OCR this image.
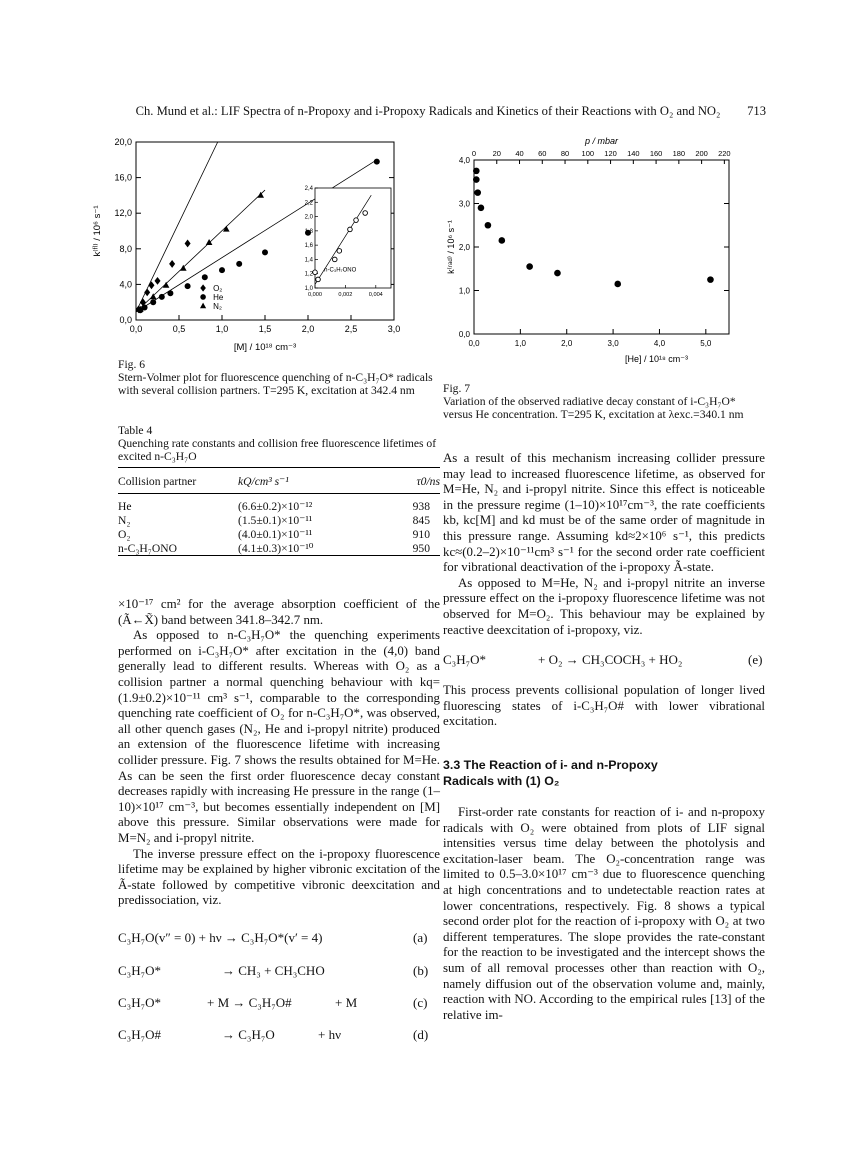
Ch. Mund et al.: LIF Spectra of n-Propoxy and i-Propoxy Radicals and Kinetics of their Reactions with O₂ and NO₂	713
0,0
4,0
8,0
12,0
16,0
20,0
0,0	0,5	1,0	1,5	2,0	2,5	3,0
[M] / 10¹⁸ cm⁻³
k⁽ᶠˡ⁾ / 10⁶ s⁻¹
O₂
He
N₂
1,0
1,2
1,4
1,6
1,8
2,0
2,2
2,4
0,000	0,002	0,004
n-C₃H₇ONO
Fig. 6
Stern-Volmer plot for fluorescence quenching of n-C₃H₇O* radicals with several collision partners. T=295 K, excitation at 342.4 nm
p / mbar
0 20 40 60 80 100 120 140 160 180 200 220
0,0
1,0
2,0
3,0
4,0
0,0	1,0	2,0	3,0	4,0	5,0
[He] / 10¹⁸ cm⁻³
k⁽ʳᵃᵈ⁾ / 10⁶ s⁻¹
Fig. 7
Variation of the observed radiative decay constant of i-C₃H₇O* versus He concentration. T=295 K, excitation at λexc.=340.1 nm
Table 4
Quenching rate constants and collision free fluorescence lifetimes of excited n-C₃H₇O
Collision partner	kQ/cm³ s⁻¹	τ0/ns
He	(6.6±0.2)×10⁻¹²	938
N₂	(1.5±0.1)×10⁻¹¹	845
O₂	(4.0±0.1)×10⁻¹¹	910
n-C₃H₇ONO	(4.1±0.3)×10⁻¹⁰	950

×10⁻¹⁷ cm² for the average absorption coefficient of the (Ã←X̃) band between 341.8–342.7 nm.

As opposed to n-C₃H₇O* the quenching experiments performed on i-C₃H₇O* after excitation in the (4,0) band generally lead to different results. Whereas with O₂ as a collision partner a normal quenching behaviour with kq=(1.9±0.2)×10⁻¹¹ cm³ s⁻¹, comparable to the corresponding quenching rate coefficient of O₂ for n-C₃H₇O*, was observed, all other quench gases (N₂, He and i-propyl nitrite) produced an extension of the fluorescence lifetime with increasing collider pressure. Fig. 7 shows the results obtained for M=He. As can be seen the first order fluorescence decay constant decreases rapidly with increasing He pressure in the range (1–10)×10¹⁷ cm⁻³, but becomes essentially independent on [M] above this pressure. Similar observations were made for M=N₂ and i-propyl nitrite.

The inverse pressure effect on the i-propoxy fluorescence lifetime may be explained by higher vibronic excitation of the Ã-state followed by competitive vibronic deexcitation and predissociation, viz.

C₃H₇O(v″ = 0) + hν → C₃H₇O*(v′ = 4)	(a)
C₃H₇O*	→ CH₃ + CH₃CHO	(b)
C₃H₇O*	+ M → C₃H₇O#	+ M	(c)
C₃H₇O#	→ C₃H₇O	+ hν	(d)

As a result of this mechanism increasing collider pressure may lead to increased fluorescence lifetime, as observed for M=He, N₂ and i-propyl nitrite. Since this effect is noticeable in the pressure regime (1–10)×10¹⁷cm⁻³, the rate coefficients kb, kc[M] and kd must be of the same order of magnitude in this pressure range. Assuming kd≈2×10⁶ s⁻¹, this predicts kc≈(0.2–2)×10⁻¹¹cm³ s⁻¹ for the second order rate coefficient for vibrational deactivation of the i-propoxy Ã-state.

As opposed to M=He, N₂ and i-propyl nitrite an inverse pressure effect on the i-propoxy fluorescence lifetime was not observed for M=O₂. This behaviour may be explained by reactive deexcitation of i-propoxy, viz.

C₃H₇O*	+ O₂ → CH₃COCH₃ + HO₂	(e)
This process prevents collisional population of longer lived fluorescing states of i-C₃H₇O# with lower vibrational excitation.
3.3 The Reaction of i- and n-Propoxy Radicals with (1) O₂
First-order rate constants for reaction of i- and n-propoxy radicals with O₂ were obtained from plots of LIF signal intensities versus time delay between the photolysis and excitation-laser beam. The O₂-concentration range was limited to 0.5–3.0×10¹⁷ cm⁻³ due to fluorescence quenching at high concentrations and to undetectable reaction rates at lower concentrations, respectively. Fig. 8 shows a typical second order plot for the reaction of i-propoxy with O₂ at two different temperatures. The slope provides the rate-constant for the reaction to be investigated and the intercept shows the sum of all removal processes other than reaction with O₂, namely diffusion out of the observation volume and, mainly, reaction with NO. According to the empirical rules [13] of the relative im-
